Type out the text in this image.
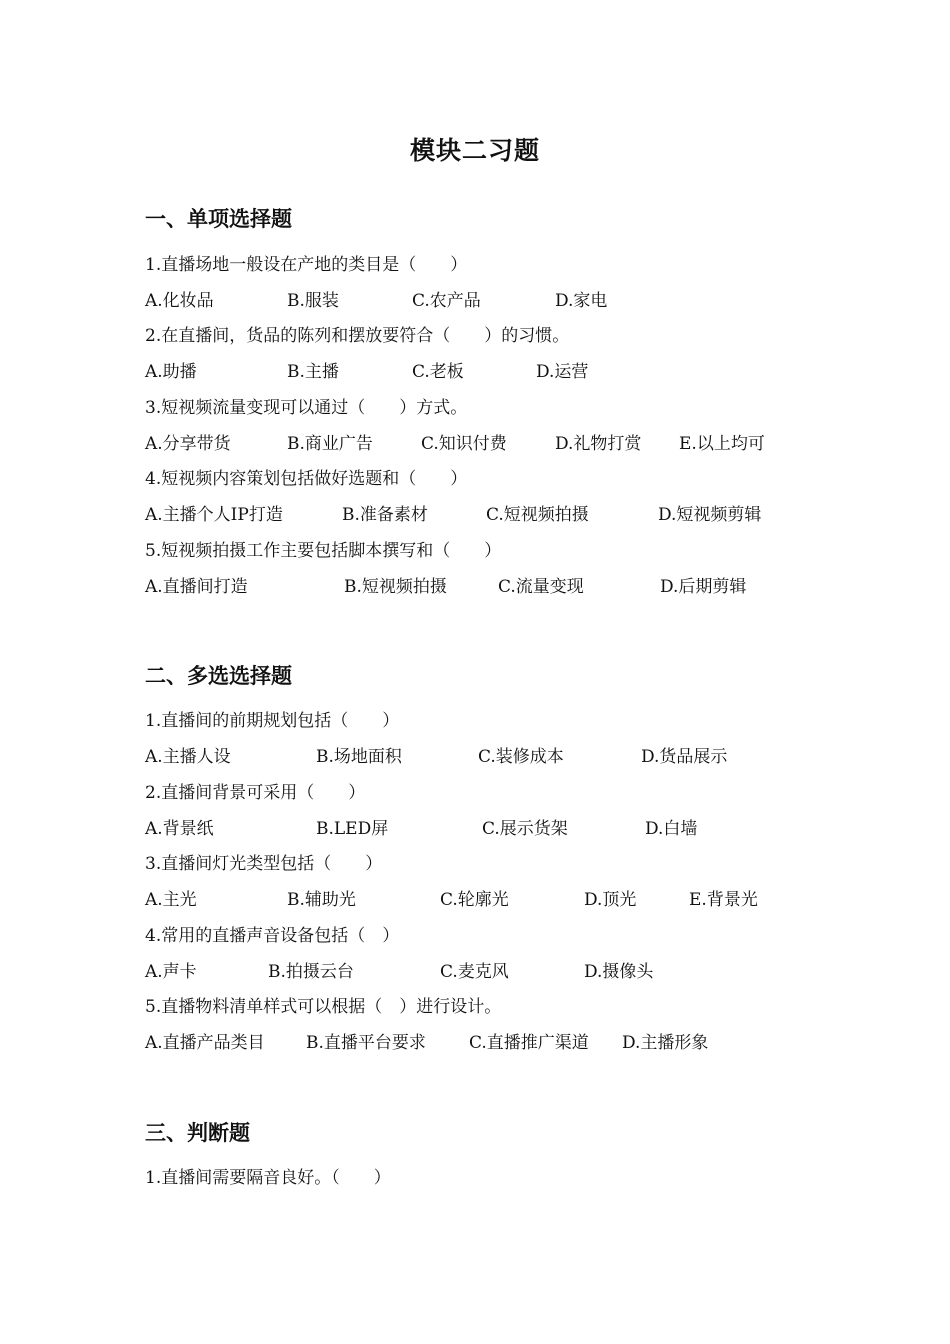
模块二习题
一、单项选择题
1.直播场地一般设在产地的类目是（　　）
A.化妆品	B.服装	C.农产品	D.家电
2.在直播间，货品的陈列和摆放要符合（　　）的习惯。
A.助播	B.主播	C.老板	D.运营
3.短视频流量变现可以通过（　　）方式。
A.分享带货	B.商业广告	C.知识付费	D.礼物打赏 E.以上均可
4.短视频内容策划包括做好选题和（　　）
A.主播个人IP打造	B.准备素材	C.短视频拍摄	D.短视频剪辑
5.短视频拍摄工作主要包括脚本撰写和（　　）
A.直播间打造	B.短视频拍摄	C.流量变现	D.后期剪辑
二、多选选择题
1.直播间的前期规划包括（　　）
A.主播人设	B.场地面积	C.装修成本	D.货品展示
2.直播间背景可采用（　　）
A.背景纸	B.LED屏	C.展示货架	D.白墙
3.直播间灯光类型包括（　　）
A.主光	B.辅助光	C.轮廓光	D.顶光	E.背景光
4.常用的直播声音设备包括（　）
A.声卡	B.拍摄云台	C.麦克风	D.摄像头
5.直播物料清单样式可以根据（　）进行设计。
A.直播产品类目 B.直播平台要求	C.直播推广渠道 D.主播形象
三、判断题
1.直播间需要隔音良好。（　　）
